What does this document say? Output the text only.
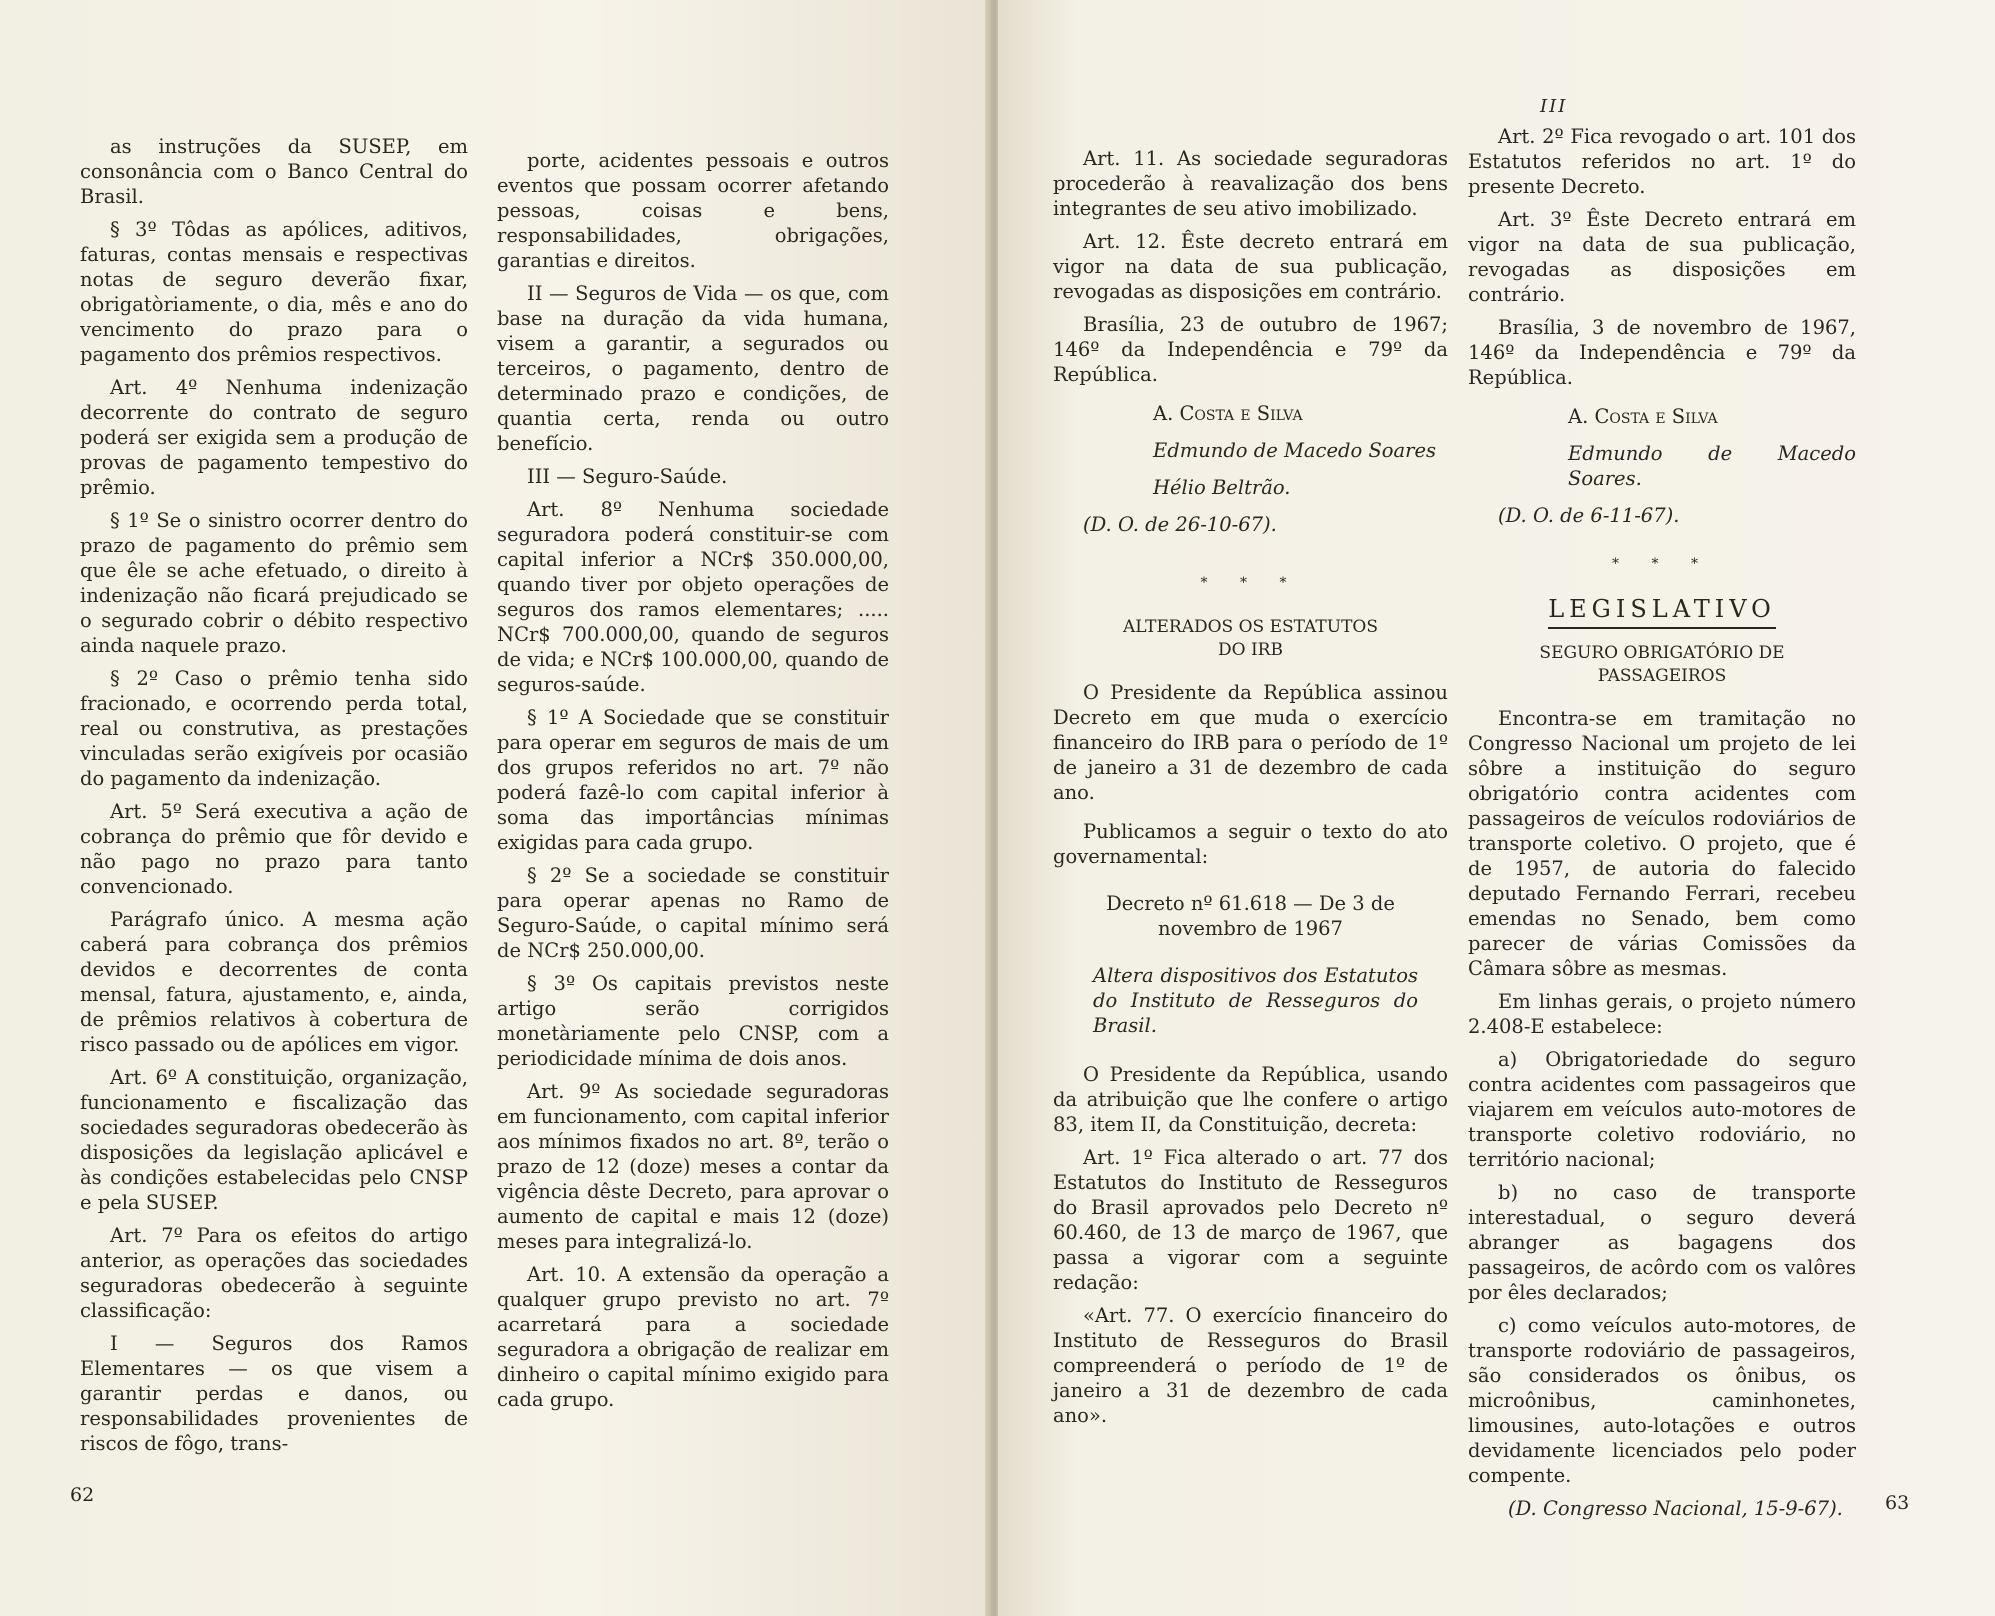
as instruções da SUSEP, em consonância com o Banco Central do Brasil.

§ 3º Tôdas as apólices, aditivos, faturas, contas mensais e respectivas notas de seguro deverão fixar, obrigatòriamente, o dia, mês e ano do vencimento do prazo para o pagamento dos prêmios respectivos.

Art. 4º Nenhuma indenização decorrente do contrato de seguro poderá ser exigida sem a produção de provas de pagamento tempestivo do prêmio.

§ 1º Se o sinistro ocorrer dentro do prazo de pagamento do prêmio sem que êle se ache efetuado, o direito à indenização não ficará prejudicado se o segurado cobrir o débito respectivo ainda naquele prazo.

§ 2º Caso o prêmio tenha sido fracionado, e ocorrendo perda total, real ou construtiva, as prestações vinculadas serão exigíveis por ocasião do pagamento da indenização.

Art. 5º Será executiva a ação de cobrança do prêmio que fôr devido e não pago no prazo para tanto convencionado.

Parágrafo único. A mesma ação caberá para cobrança dos prêmios devidos e decorrentes de conta mensal, fatura, ajustamento, e, ainda, de prêmios relativos à cobertura de risco passado ou de apólices em vigor.

Art. 6º A constituição, organização, funcionamento e fiscalização das sociedades seguradoras obedecerão às disposições da legislação aplicável e às condições estabelecidas pelo CNSP e pela SUSEP.

Art. 7º Para os efeitos do artigo anterior, as operações das sociedades seguradoras obedecerão à seguinte classificação:

I — Seguros dos Ramos Elementares — os que visem a garantir perdas e danos, ou responsabilidades provenientes de riscos de fôgo, trans-

porte, acidentes pessoais e outros eventos que possam ocorrer afetando pessoas, coisas e bens, responsabilidades, obrigações, garantias e direitos.

II — Seguros de Vida — os que, com base na duração da vida humana, visem a garantir, a segurados ou terceiros, o pagamento, dentro de determinado prazo e condições, de quantia certa, renda ou outro benefício.

III — Seguro-Saúde.

Art. 8º Nenhuma sociedade seguradora poderá constituir-se com capital inferior a NCr$ 350.000,00, quando tiver por objeto operações de seguros dos ramos elementares; ..... NCr$ 700.000,00, quando de seguros de vida; e NCr$ 100.000,00, quando de seguros-saúde.

§ 1º A Sociedade que se constituir para operar em seguros de mais de um dos grupos referidos no art. 7º não poderá fazê-lo com capital inferior à soma das importâncias mínimas exigidas para cada grupo.

§ 2º Se a sociedade se constituir para operar apenas no Ramo de Seguro-Saúde, o capital mínimo será de NCr$ 250.000,00.

§ 3º Os capitais previstos neste artigo serão corrigidos monetàriamente pelo CNSP, com a periodicidade mínima de dois anos.

Art. 9º As sociedade seguradoras em funcionamento, com capital inferior aos mínimos fixados no art. 8º, terão o prazo de 12 (doze) meses a contar da vigência dêste Decreto, para aprovar o aumento de capital e mais 12 (doze) meses para integralizá-lo.

Art. 10. A extensão da operação a qualquer grupo previsto no art. 7º acarretará para a sociedade seguradora a obrigação de realizar em dinheiro o capital mínimo exigido para cada grupo.

62
III

Art. 11. As sociedade seguradoras procederão à reavalização dos bens integrantes de seu ativo imobilizado.

Art. 12. Êste decreto entrará em vigor na data de sua publicação, revogadas as disposições em contrário.

Brasília, 23 de outubro de 1967; 146º da Independência e 79º da República.

A. Costa e Silva

Edmundo de Macedo Soares

Hélio Beltrão.

(D. O. de 26-10-67).

* * *
ALTERADOS OS ESTATUTOS
DO IRB

O Presidente da República assinou Decreto em que muda o exercício financeiro do IRB para o período de 1º de janeiro a 31 de dezembro de cada ano.

Publicamos a seguir o texto do ato governamental:

Decreto nº 61.618 — De 3 de
novembro de 1967

Altera dispositivos dos Estatutos do Instituto de Resseguros do Brasil.

O Presidente da República, usando da atribuição que lhe confere o artigo 83, item II, da Constituição, decreta:

Art. 1º Fica alterado o art. 77 dos Estatutos do Instituto de Resseguros do Brasil aprovados pelo Decreto nº 60.460, de 13 de março de 1967, que passa a vigorar com a seguinte redação:

«Art. 77. O exercício financeiro do Instituto de Resseguros do Brasil compreenderá o período de 1º de janeiro a 31 de dezembro de cada ano».

Art. 2º Fica revogado o art. 101 dos Estatutos referidos no art. 1º do presente Decreto.

Art. 3º Êste Decreto entrará em vigor na data de sua publicação, revogadas as disposições em contrário.

Brasília, 3 de novembro de 1967, 146º da Independência e 79º da República.

A. Costa e Silva

Edmundo de Macedo Soares.

(D. O. de 6-11-67).

* * *
LEGISLATIVO
SEGURO OBRIGATÓRIO DE
PASSAGEIROS

Encontra-se em tramitação no Congresso Nacional um projeto de lei sôbre a instituição do seguro obrigatório contra acidentes com passageiros de veículos rodoviários de transporte coletivo. O projeto, que é de 1957, de autoria do falecido deputado Fernando Ferrari, recebeu emendas no Senado, bem como parecer de várias Comissões da Câmara sôbre as mesmas.

Em linhas gerais, o projeto número 2.408-E estabelece:

a) Obrigatoriedade do seguro contra acidentes com passageiros que viajarem em veículos auto-motores de transporte coletivo rodoviário, no território nacional;

b) no caso de transporte interestadual, o seguro deverá abranger as bagagens dos passageiros, de acôrdo com os valôres por êles declarados;

c) como veículos auto-motores, de transporte rodoviário de passageiros, são considerados os ônibus, os microônibus, caminhonetes, limousines, auto-lotações e outros devidamente licenciados pelo poder compente.

(D. Congresso Nacional, 15-9-67).	63
